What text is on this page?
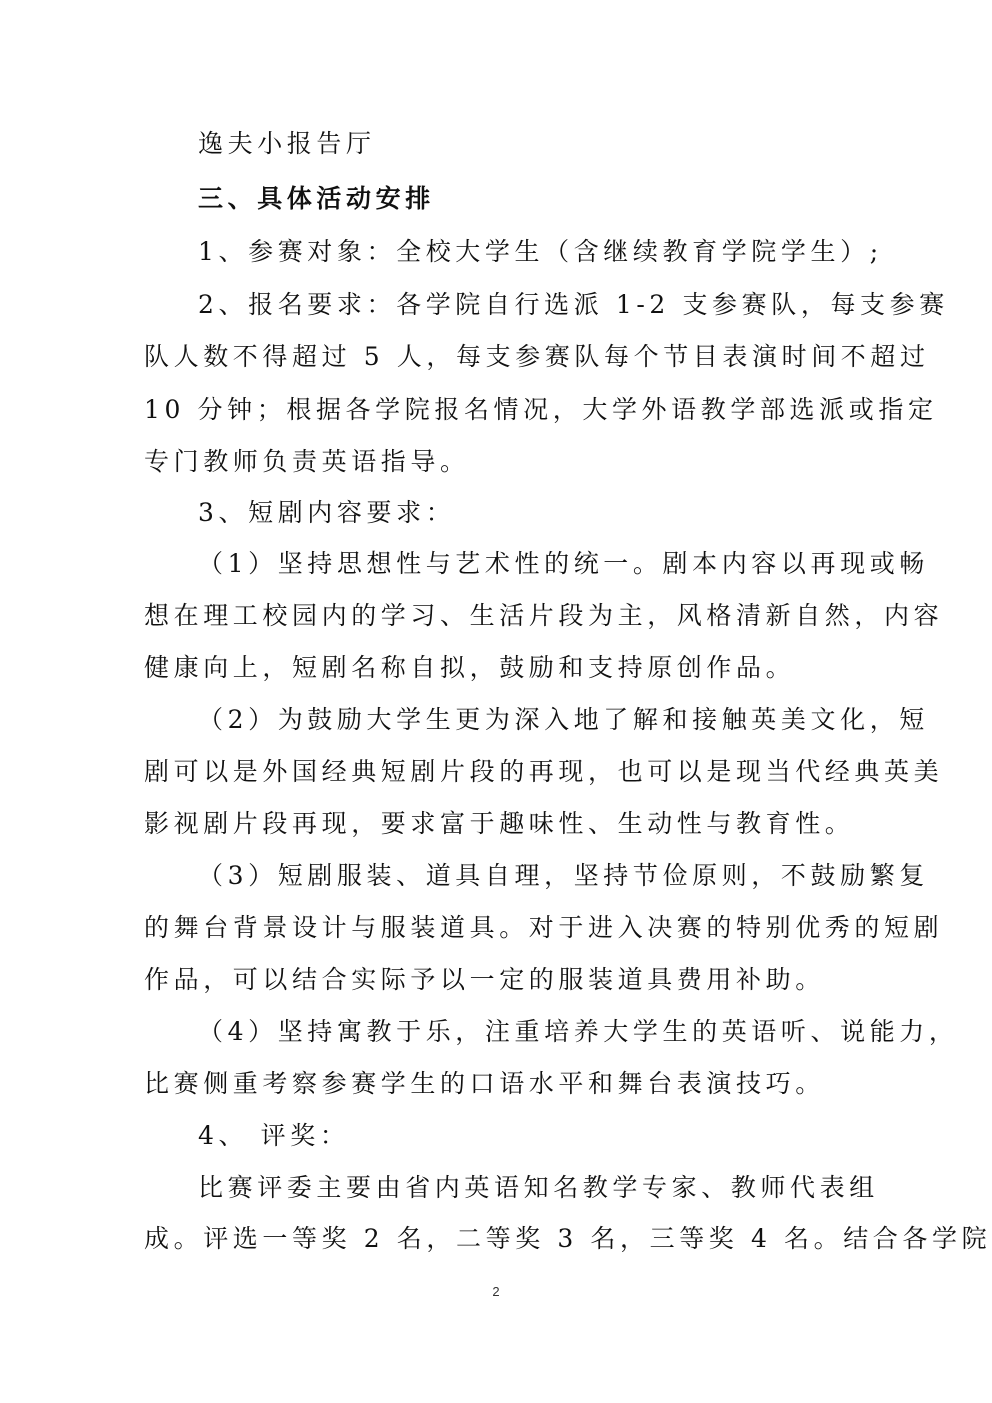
逸夫小报告厅
三、具体活动安排
1、参赛对象：全校大学生（含继续教育学院学生）;
2、报名要求：各学院自行选派 1-2 支参赛队，每支参赛
队人数不得超过 5 人，每支参赛队每个节目表演时间不超过
10 分钟；根据各学院报名情况，大学外语教学部选派或指定
专门教师负责英语指导。
3、短剧内容要求：
（1）坚持思想性与艺术性的统一。剧本内容以再现或畅
想在理工校园内的学习、生活片段为主，风格清新自然，内容
健康向上，短剧名称自拟，鼓励和支持原创作品。
（2）为鼓励大学生更为深入地了解和接触英美文化，短
剧可以是外国经典短剧片段的再现，也可以是现当代经典英美
影视剧片段再现，要求富于趣味性、生动性与教育性。
（3）短剧服装、道具自理，坚持节俭原则，不鼓励繁复
的舞台背景设计与服装道具。对于进入决赛的特别优秀的短剧
作品，可以结合实际予以一定的服装道具费用补助。
（4）坚持寓教于乐，注重培养大学生的英语听、说能力，
比赛侧重考察参赛学生的口语水平和舞台表演技巧。
4、 评奖：
比赛评委主要由省内英语知名教学专家、教师代表组
成。评选一等奖 2 名，二等奖 3 名，三等奖 4 名。结合各学院
2
